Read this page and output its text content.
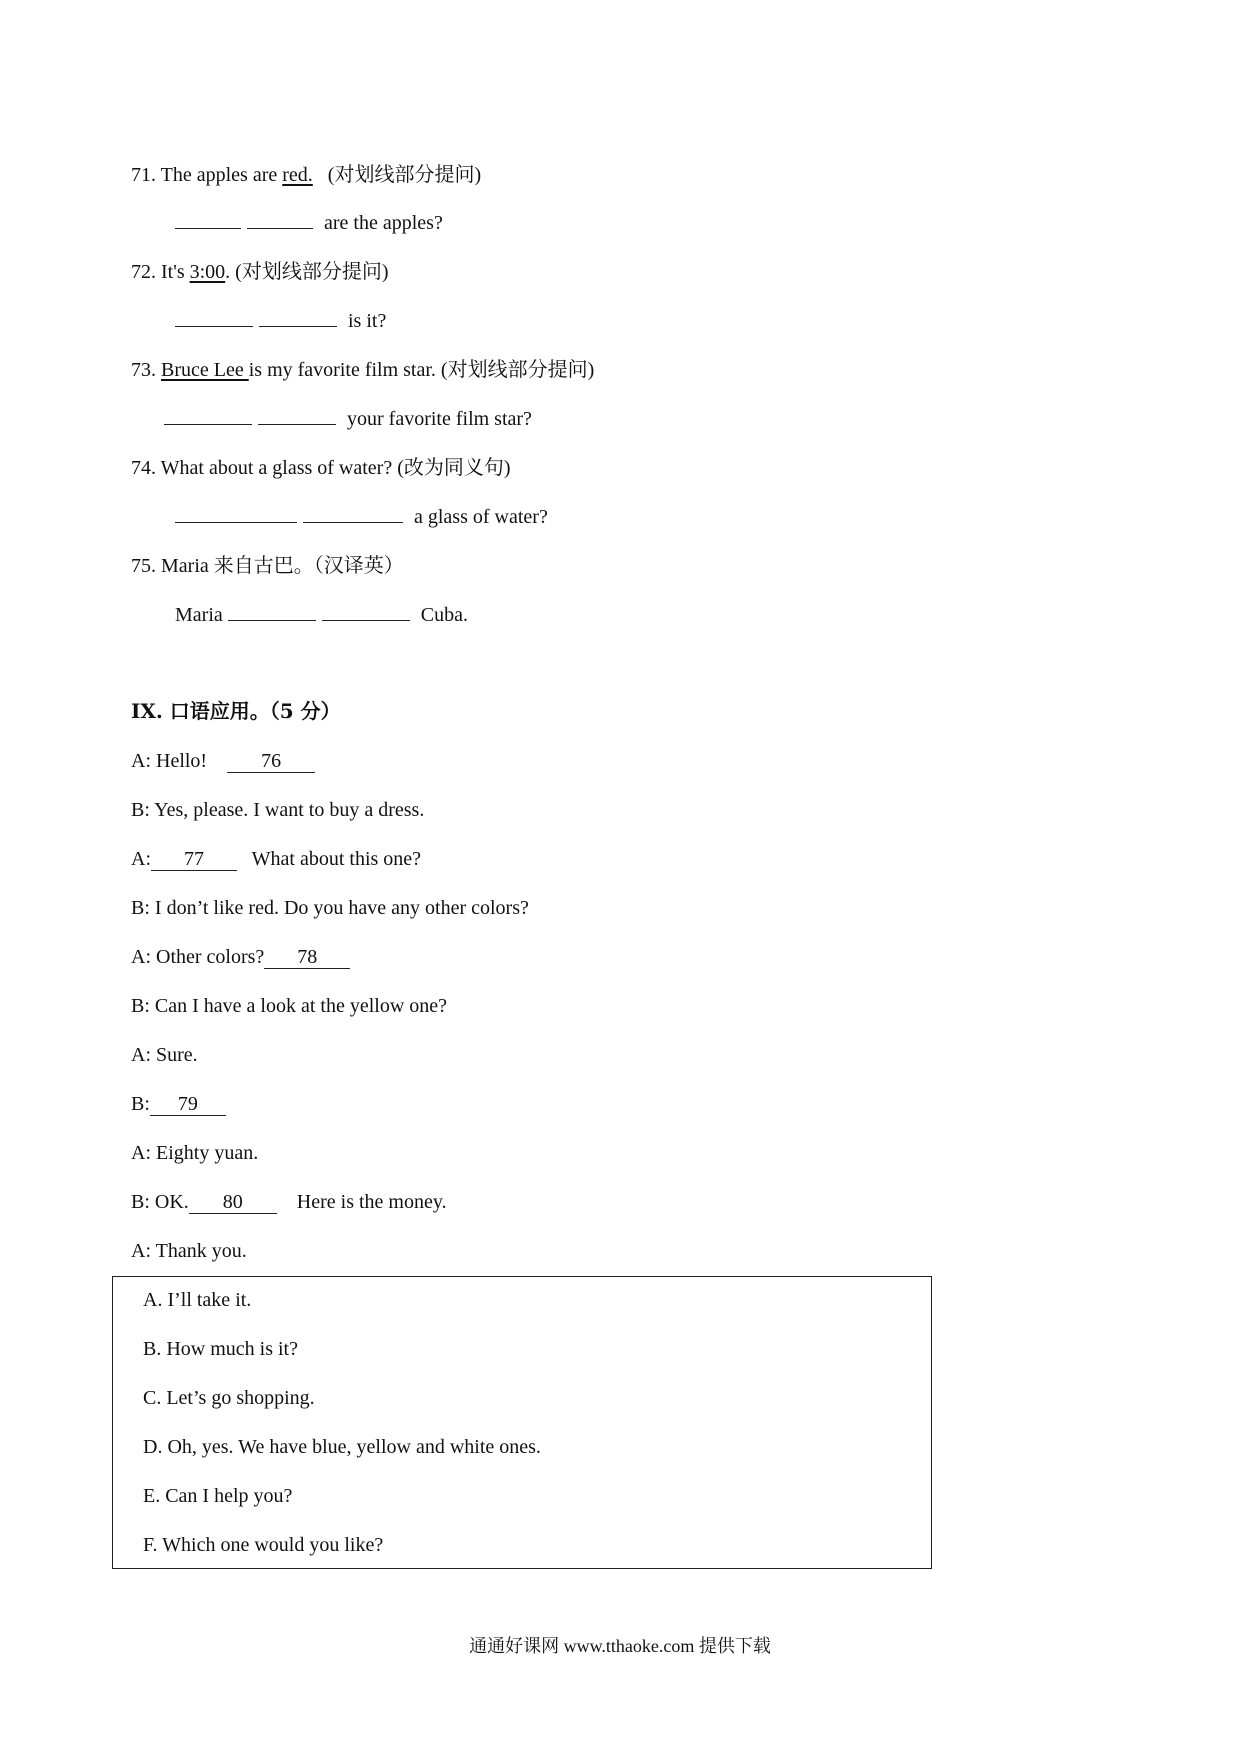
71. The apples are red. (对划线部分提问)
are the apples?
72. It's 3:00. (对划线部分提问)
is it?
73. Bruce Lee is my favorite film star. (对划线部分提问)
your favorite film star?
74. What about a glass of water? (改为同义句)
a glass of water?
75. Maria 来自古巴。（汉译英）
Maria	Cuba.
IX. 口语应用。（5 分）
A: Hello!	76
B: Yes, please. I want to buy a dress.
A: 77 What about this one?
B: I don’t like red. Do you have any other colors?
A: Other colors? 78
B: Can I have a look at the yellow one?
A: Sure.
B: 79
A: Eighty yuan.
B: OK. 80	Here is the money.
A: Thank you.
A. I’ll take it.
B. How much is it?
C. Let’s go shopping.
D. Oh, yes. We have blue, yellow and white ones.
E. Can I help you?
F. Which one would you like?
通通好课网 www.tthaoke.com 提供下载
